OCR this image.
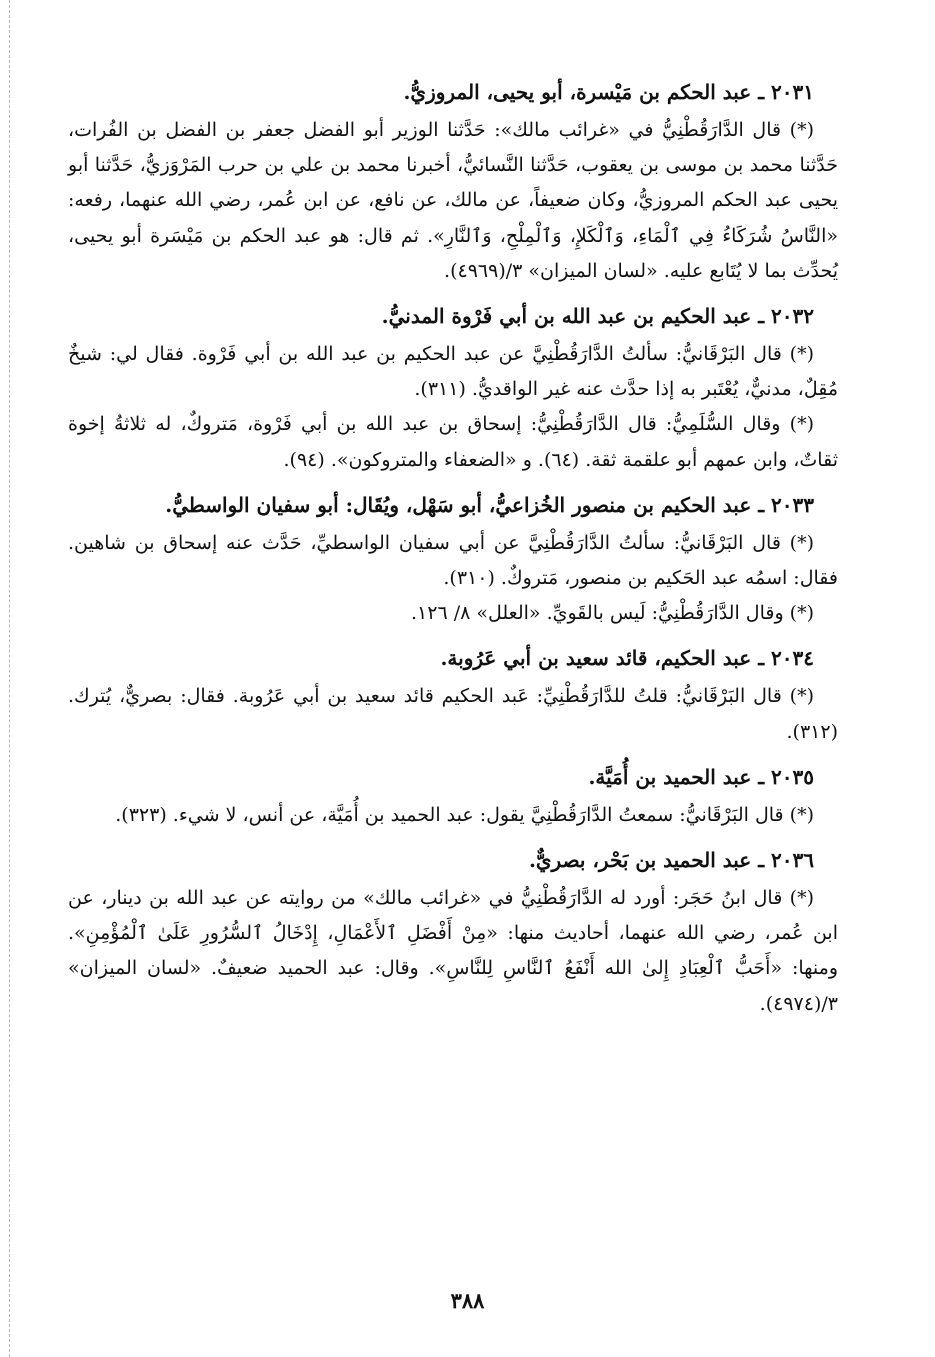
٢٠٣١ ـ عبد الحكم بن مَيْسرة، أبو يحيى، المروزيُّ.

(*) قال الدَّارَقُطْنِيُّ في «غرائب مالك»: حَدَّثنا الوزير أبو الفضل جعفر بن الفضل بن الفُرات، حَدَّثنا محمد بن موسى بن يعقوب، حَدَّثنا النَّسائيُّ، أخبرنا محمد بن علي بن حرب المَرْوَزيُّ، حَدَّثنا أبو يحيى عبد الحكم المروزيُّ، وكان ضعيفاً، عن مالك، عن نافع، عن ابن عُمر، رضي الله عنهما، رفعه: «النَّاسُ شُرَكَاءُ فِي ٱلْمَاءِ، وَٱلْكَلإِ، وَٱلْمِلْحِ، وَٱلنَّارِ». ثم قال: هو عبد الحكم بن مَيْسَرة أبو يحيى، يُحدِّث بما لا يُتَابع عليه. «لسان الميزان» ٣/(٤٩٦٩).

٢٠٣٢ ـ عبد الحكيم بن عبد الله بن أبي فَرْوة المدنيُّ.

(*) قال البَرْقَانيُّ: سألتُ الدَّارَقُطْنِيَّ عن عبد الحكيم بن عبد الله بن أبي فَرْوة. فقال لي: شيخٌ مُقِلٌ، مدنيٌّ، يُعْتَبر به إذا حدَّث عنه غير الواقديُّ. (٣١١).

(*) وقال السُّلَمِيُّ: قال الدَّارَقُطْنِيُّ: إسحاق بن عبد الله بن أبي فَرْوة، مَتروكٌ، له ثلاثةُ إخوة ثقاتٌ، وابن عمهم أبو علقمة ثقة. (٦٤). و «الضعفاء والمتروكون». (٩٤).

٢٠٣٣ ـ عبد الحكيم بن منصور الخُزاعيُّ، أبو سَهْل، ويُقَال: أبو سفيان الواسطيُّ.

(*) قال البَرْقَانيُّ: سألتُ الدَّارَقُطْنِيَّ عن أبي سفيان الواسطيِّ، حَدَّث عنه إسحاق بن شاهين. فقال: اسمُه عبد الحَكيم بن منصور، مَتروكٌ. (٣١٠).

(*) وقال الدَّارَقُطْنِيُّ: لَيس بالقَويِّ. «العلل» ٨/ ١٢٦.

٢٠٣٤ ـ عبد الحكيم، قائد سعيد بن أبي عَرُوبة.

(*) قال البَرْقَانيُّ: قلتُ للدَّارَقُطْنِيِّ: عَبد الحكيم قائد سعيد بن أبي عَرُوبة. فقال: بصريٌّ، يُترك. (٣١٢).

٢٠٣٥ ـ عبد الحميد بن أُمَيَّة.

(*) قال البَرْقَانيُّ: سمعتُ الدَّارَقُطْنِيَّ يقول: عبد الحميد بن أُمَيَّة، عن أنس، لا شيء. (٣٢٣).

٢٠٣٦ ـ عبد الحميد بن بَحْر، بصريٌّ.

(*) قال ابنُ حَجَر: أورد له الدَّارَقُطْنِيُّ في «غرائب مالك» من روايته عن عبد الله بن دينار، عن ابن عُمر، رضي الله عنهما، أحاديث منها: «مِنْ أَفْضَلِ ٱلأَعْمَالِ، إِدْخَالُ ٱلسُّرُورِ عَلَىٰ ٱلْمُؤْمِنِ». ومنها: «أَحَبُّ ٱلْعِبَادِ إِلىٰ الله أَنْفَعُ ٱلنَّاسِ لِلنَّاسِ». وقال: عبد الحميد ضعيفٌ. «لسان الميزان» ٣/(٤٩٧٤).

٣٨٨
